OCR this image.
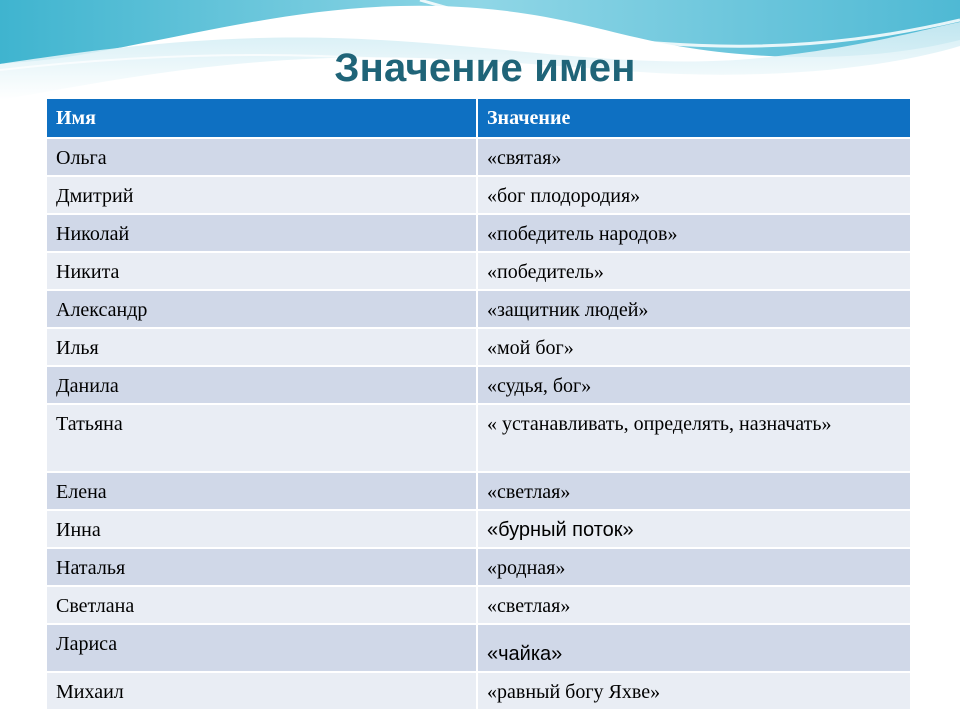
Значение имен
Имя	Значение
Ольга	«святая»
Дмитрий	«бог плодородия»
Николай	«победитель народов»
Никита	«победитель»
Александр	«защитник людей»
Илья	«мой бог»
Данила	«судья, бог»
Татьяна	« устанавливать, определять, назначать»
Елена	«светлая»
Инна	«бурный поток»
Наталья	«родная»
Светлана	«светлая»
Лариса	«чайка»
Михаил	«равный богу Яхве»
